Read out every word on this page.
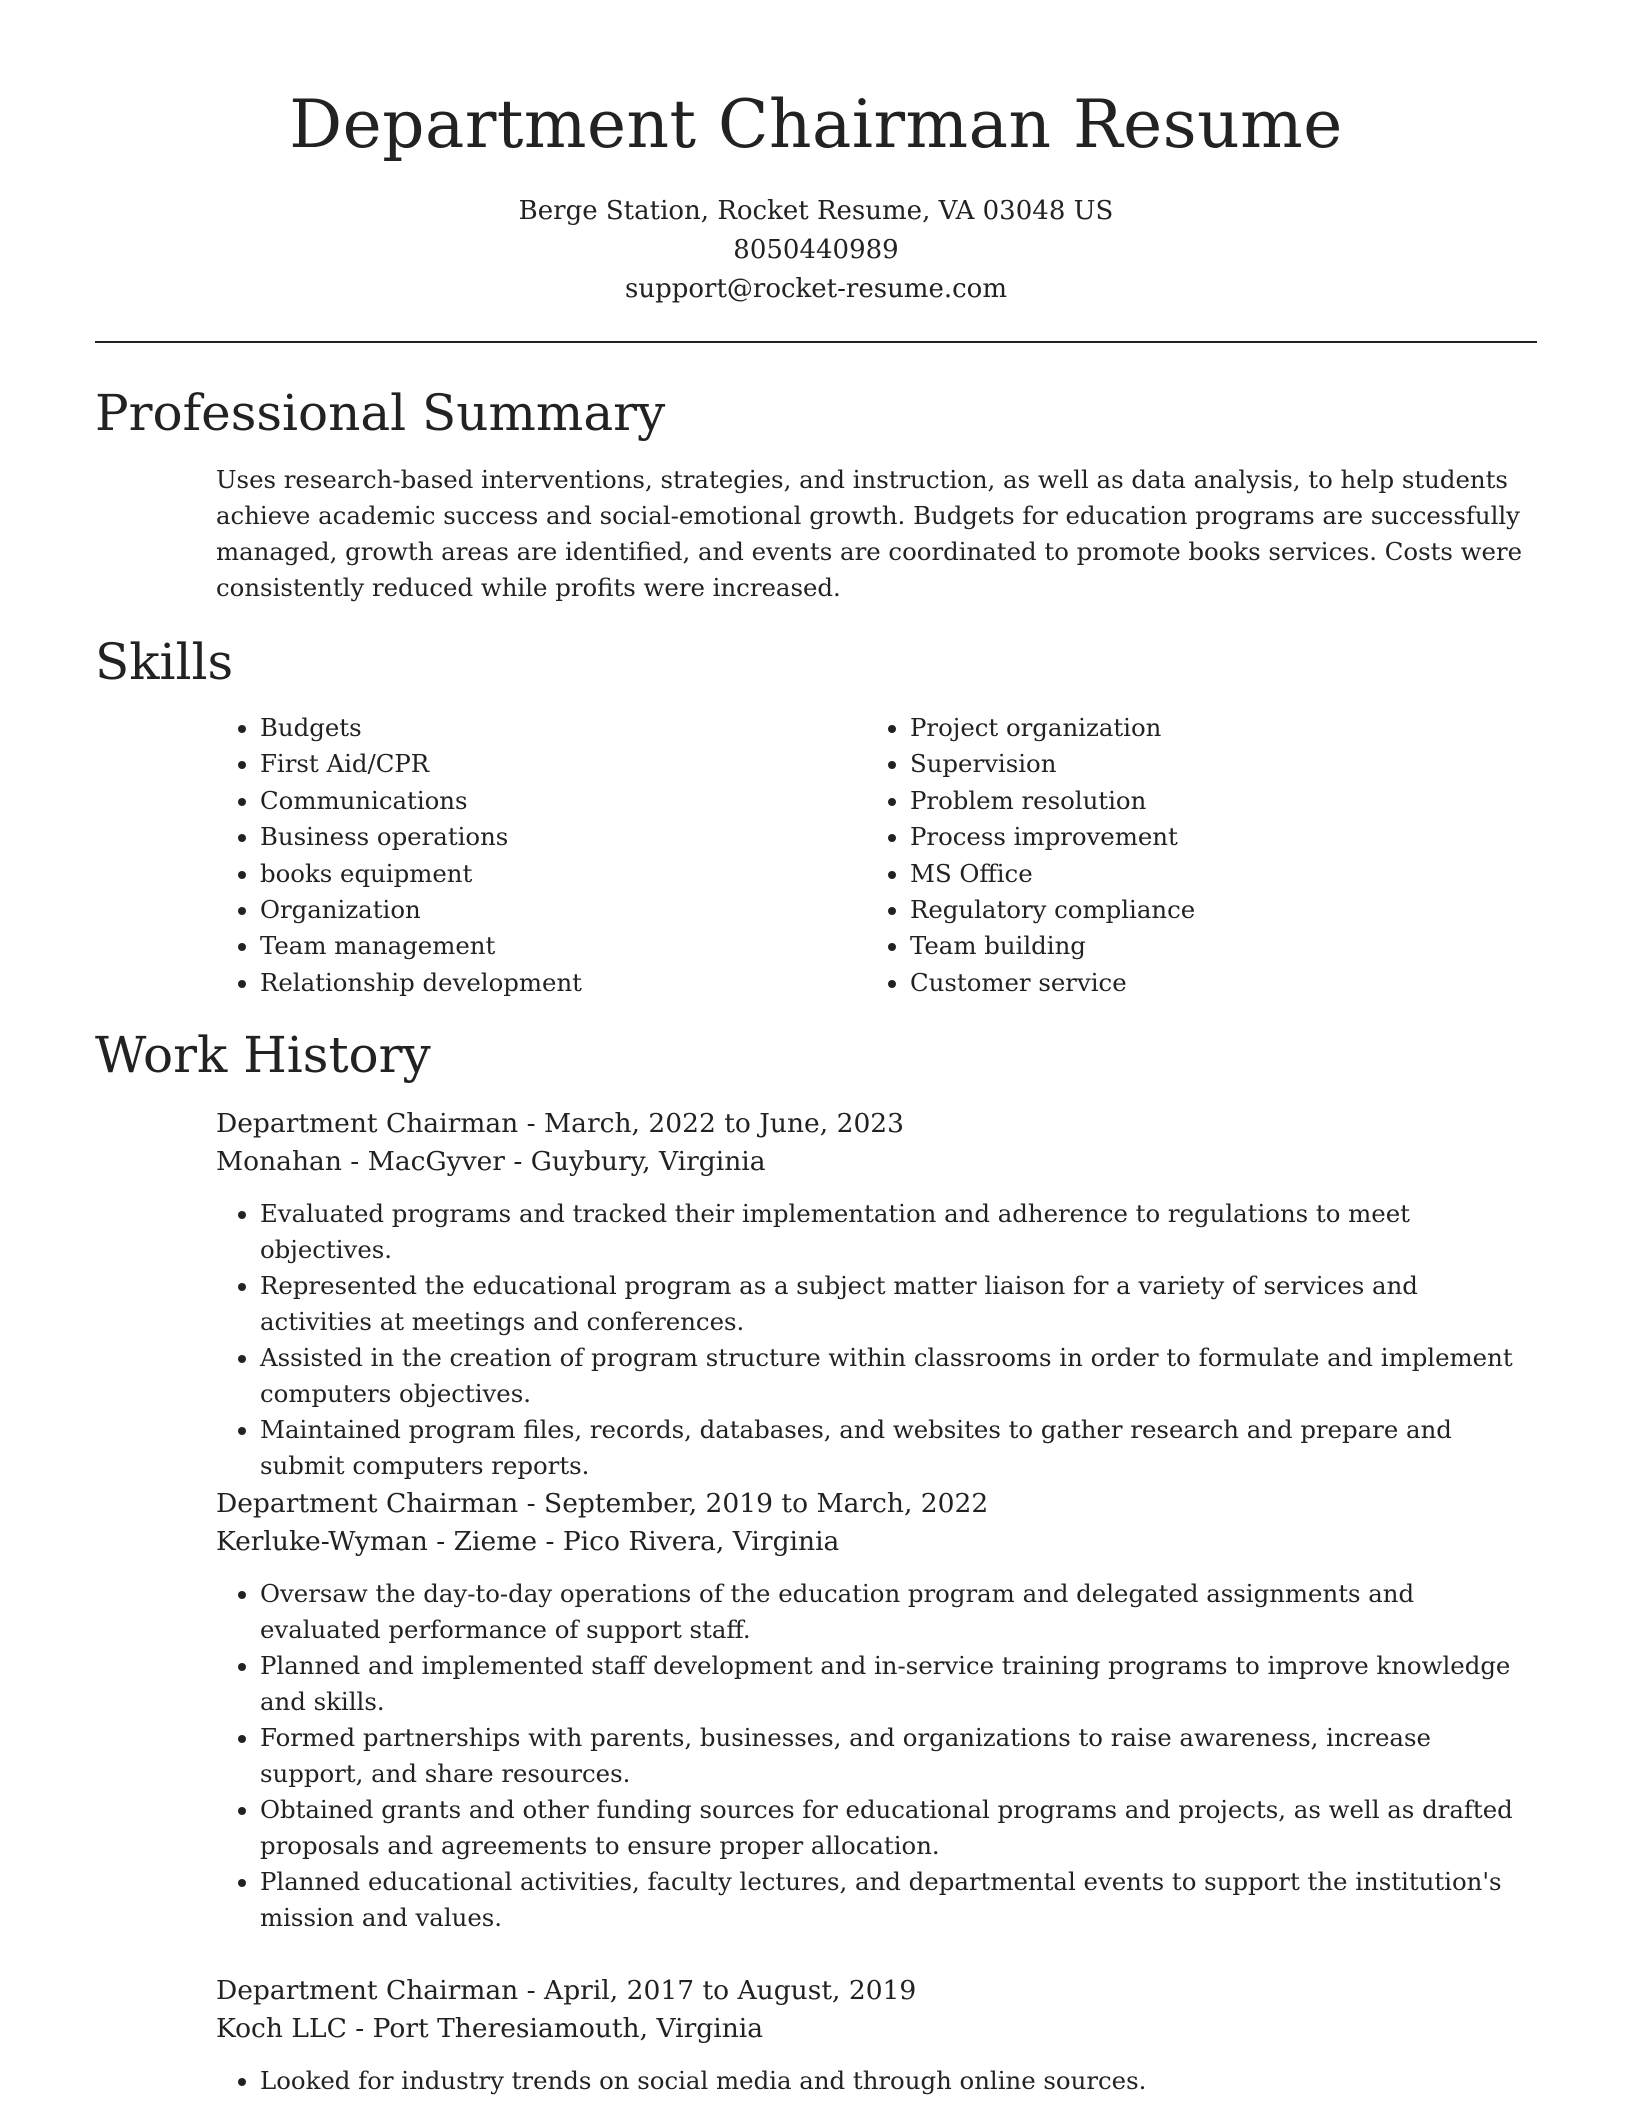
Department Chairman Resume
Berge Station, Rocket Resume, VA 03048 US
8050440989
support@rocket-resume.com
Professional Summary

Uses research-based interventions, strategies, and instruction, as well as data analysis, to help students achieve academic success and social-emotional growth. Budgets for education programs are successfully managed, growth areas are identified, and events are coordinated to promote books services. Costs were consistently reduced while profits were increased.

Skills
• Budgets
• First Aid/CPR
• Communications
• Business operations
• books equipment
• Organization
• Team management
• Relationship development
• Project organization
• Supervision
• Problem resolution
• Process improvement
• MS Office
• Regulatory compliance
• Team building
• Customer service
Work History
Department Chairman - March, 2022 to June, 2023
Monahan - MacGyver - Guybury, Virginia
• Evaluated programs and tracked their implementation and adherence to regulations to meet objectives.
• Represented the educational program as a subject matter liaison for a variety of services and activities at meetings and conferences.
• Assisted in the creation of program structure within classrooms in order to formulate and implement computers objectives.
• Maintained program files, records, databases, and websites to gather research and prepare and submit computers reports.
Department Chairman - September, 2019 to March, 2022
Kerluke-Wyman - Zieme - Pico Rivera, Virginia
• Oversaw the day-to-day operations of the education program and delegated assignments and evaluated performance of support staff.
• Planned and implemented staff development and in-service training programs to improve knowledge and skills.
• Formed partnerships with parents, businesses, and organizations to raise awareness, increase support, and share resources.
• Obtained grants and other funding sources for educational programs and projects, as well as drafted proposals and agreements to ensure proper allocation.
• Planned educational activities, faculty lectures, and departmental events to support the institution's mission and values.
Department Chairman - April, 2017 to August, 2019
Koch LLC - Port Theresiamouth, Virginia
• Looked for industry trends on social media and through online sources.
